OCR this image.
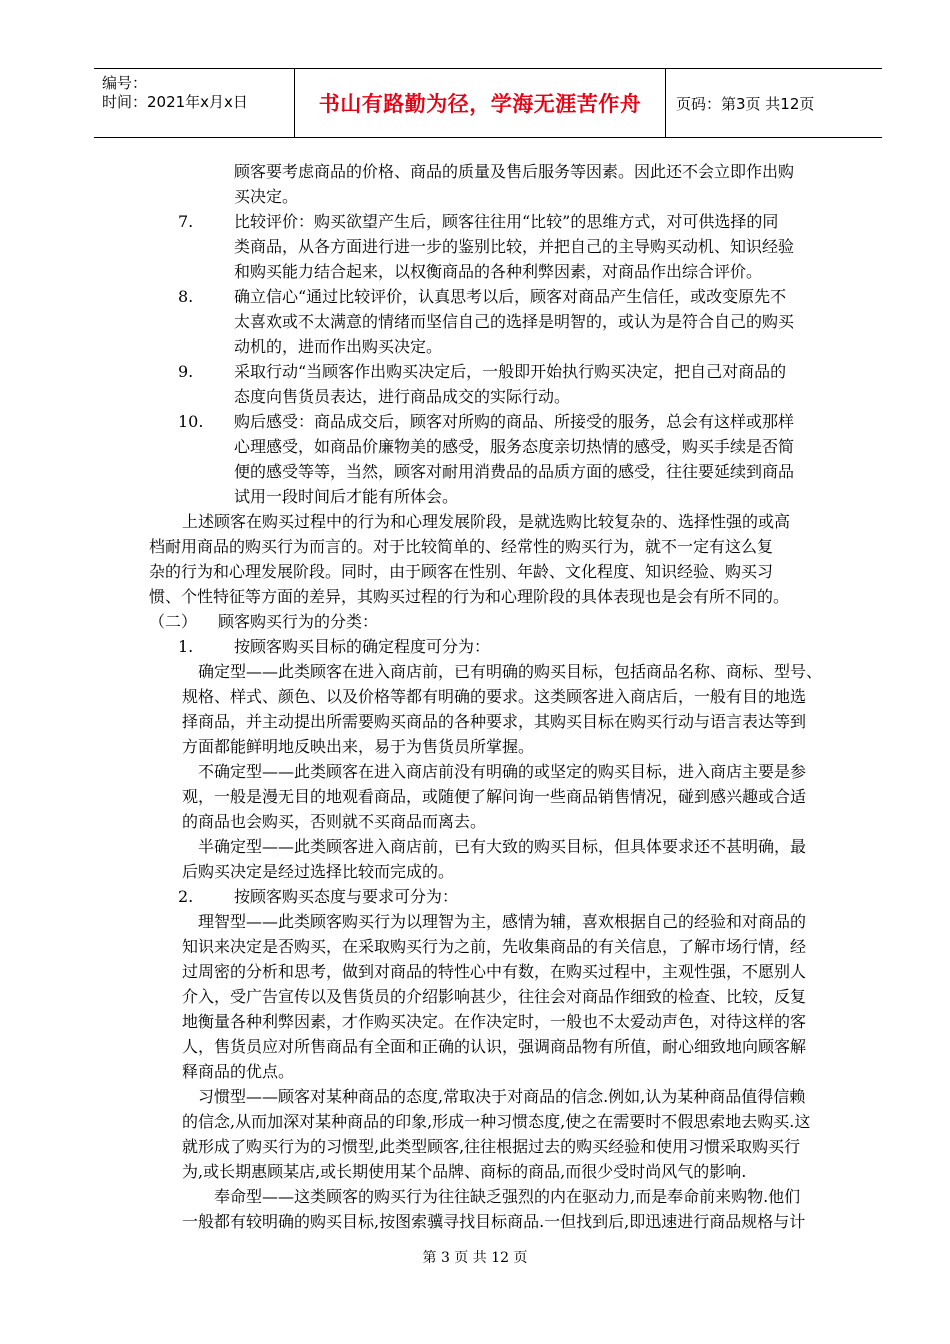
编号：
时间：2021年x月x日	书山有路勤为径，学海无涯苦作舟 页码：第3页 共12页
顾客要考虑商品的价格、商品的质量及售后服务等因素。因此还不会立即作出购
买决定。
7.	比较评价：购买欲望产生后，顾客往往用“比较”的思维方式，对可供选择的同
类商品，从各方面进行进一步的鉴别比较，并把自己的主导购买动机、知识经验
和购买能力结合起来，以权衡商品的各种利弊因素，对商品作出综合评价。
8.	确立信心“通过比较评价，认真思考以后，顾客对商品产生信任，或改变原先不
太喜欢或不太满意的情绪而坚信自己的选择是明智的，或认为是符合自己的购买
动机的，进而作出购买决定。
9.	采取行动“当顾客作出购买决定后，一般即开始执行购买决定，把自己对商品的
态度向售货员表达，进行商品成交的实际行动。
10. 购后感受：商品成交后，顾客对所购的商品、所接受的服务，总会有这样或那样
心理感受，如商品价廉物美的感受，服务态度亲切热情的感受，购买手续是否简
便的感受等等，当然，顾客对耐用消费品的品质方面的感受，往往要延续到商品
试用一段时间后才能有所体会。
上述顾客在购买过程中的行为和心理发展阶段，是就选购比较复杂的、选择性强的或高
档耐用商品的购买行为而言的。对于比较简单的、经常性的购买行为，就不一定有这么复
杂的行为和心理发展阶段。同时，由于顾客在性别、年龄、文化程度、知识经验、购买习
惯、个性特征等方面的差异，其购买过程的行为和心理阶段的具体表现也是会有所不同的。
（二） 顾客购买行为的分类：
1.	按顾客购买目标的确定程度可分为：
确定型——此类顾客在进入商店前，已有明确的购买目标，包括商品名称、商标、型号、
规格、样式、颜色、以及价格等都有明确的要求。这类顾客进入商店后，一般有目的地选
择商品，并主动提出所需要购买商品的各种要求，其购买目标在购买行动与语言表达等到
方面都能鲜明地反映出来，易于为售货员所掌握。
不确定型——此类顾客在进入商店前没有明确的或坚定的购买目标，进入商店主要是参
观，一般是漫无目的地观看商品，或随便了解问询一些商品销售情况，碰到感兴趣或合适
的商品也会购买，否则就不买商品而离去。
半确定型——此类顾客进入商店前，已有大致的购买目标，但具体要求还不甚明确，最
后购买决定是经过选择比较而完成的。
2.	按顾客购买态度与要求可分为：
理智型——此类顾客购买行为以理智为主，感情为辅，喜欢根据自己的经验和对商品的
知识来决定是否购买，在采取购买行为之前，先收集商品的有关信息，了解市场行情，经
过周密的分析和思考，做到对商品的特性心中有数，在购买过程中，主观性强，不愿别人
介入，受广告宣传以及售货员的介绍影响甚少，往往会对商品作细致的检查、比较，反复
地衡量各种利弊因素，才作购买决定。在作决定时，一般也不太爱动声色，对待这样的客
人，售货员应对所售商品有全面和正确的认识，强调商品物有所值，耐心细致地向顾客解
释商品的优点。
习惯型——顾客对某种商品的态度,常取决于对商品的信念.例如,认为某种商品值得信赖
的信念,从而加深对某种商品的印象,形成一种习惯态度,使之在需要时不假思索地去购买.这
就形成了购买行为的习惯型,此类型顾客,往往根据过去的购买经验和使用习惯采取购买行
为,或长期惠顾某店,或长期使用某个品牌、商标的商品,而很少受时尚风气的影响.
奉命型——这类顾客的购买行为往往缺乏强烈的内在驱动力,而是奉命前来购物.他们
一般都有较明确的购买目标,按图索骥寻找目标商品.一但找到后,即迅速进行商品规格与计
第 3 页 共 12 页
